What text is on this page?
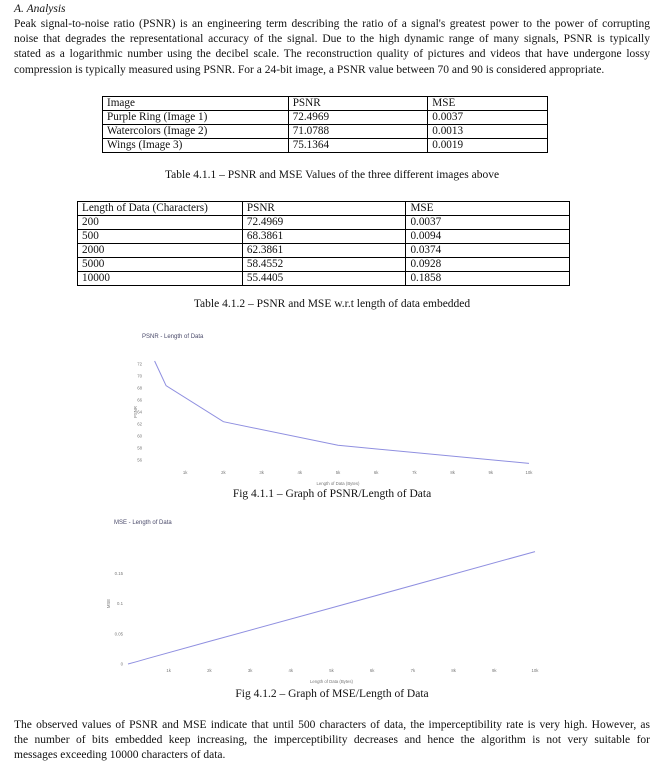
A. Analysis
Peak signal-to-noise ratio (PSNR) is an engineering term describing the ratio of a signal's greatest power to the power of corrupting
noise that degrades the representational accuracy of the signal. Due to the high dynamic range of many signals, PSNR is typically
stated as a logarithmic number using the decibel scale. The reconstruction quality of pictures and videos that have undergone lossy
compression is typically measured using PSNR. For a 24-bit image, a PSNR value between 70 and 90 is considered appropriate.
Image	PSNR	MSE
Purple Ring (Image 1)	72.4969	0.0037
Watercolors (Image 2)	71.0788	0.0013
Wings (Image 3)	75.1364	0.0019
Table 4.1.1 – PSNR and MSE Values of the three different images above
Length of Data (Characters)	PSNR	MSE
200	72.4969	0.0037
500	68.3861	0.0094
2000	62.3861	0.0374
5000	58.4552	0.0928
10000	55.4405	0.1858
Table 4.1.2 – PSNR and MSE w.r.t length of data embedded
PSNR - Length of Data
56
58
60
62
64
66
68
70
72
1k	2k	3k	4k	5k	6k	7k	8k	9k	10k
Length of Data (Bytes)
PSNR
MSE - Length of Data
0
0.05
0.1
0.15
1k	2k	3k	4k	5k	6k	7k	8k	9k	10k
Length of Data (Bytes)
MSE
Fig 4.1.1 – Graph of PSNR/Length of Data
Fig 4.1.2 – Graph of MSE/Length of Data
The observed values of PSNR and MSE indicate that until 500 characters of data, the imperceptibility rate is very high. However, as
the number of bits embedded keep increasing, the imperceptibility decreases and hence the algorithm is not very suitable for
messages exceeding 10000 characters of data.
